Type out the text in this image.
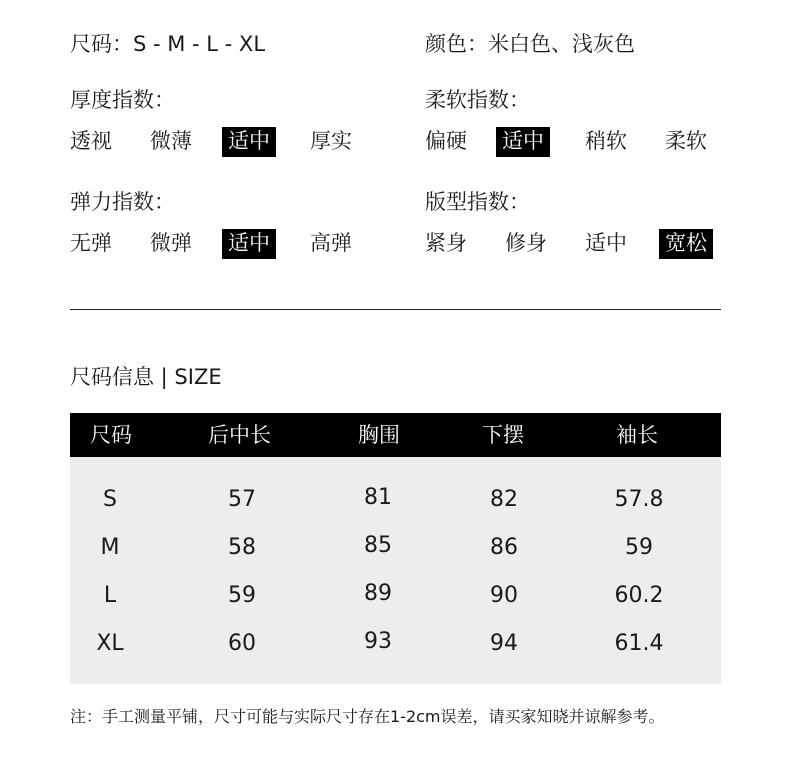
尺码：S - M - L - XL	颜色：米白色、浅灰色
厚度指数：
透视 微薄 适中 厚实
柔软指数：
偏硬 适中 稍软 柔软
弹力指数：
无弹 微弹 适中 高弹
版型指数：
紧身 修身 适中 宽松
尺码信息 | SIZE
尺码	后中长	胸围	下摆	袖长
S	57	81	82	57.8
M	58	85	86	59
L	59	89	90	60.2
XL	60	93	94	61.4
注：手工测量平铺，尺寸可能与实际尺寸存在1-2cm误差，请买家知晓并谅解参考。
